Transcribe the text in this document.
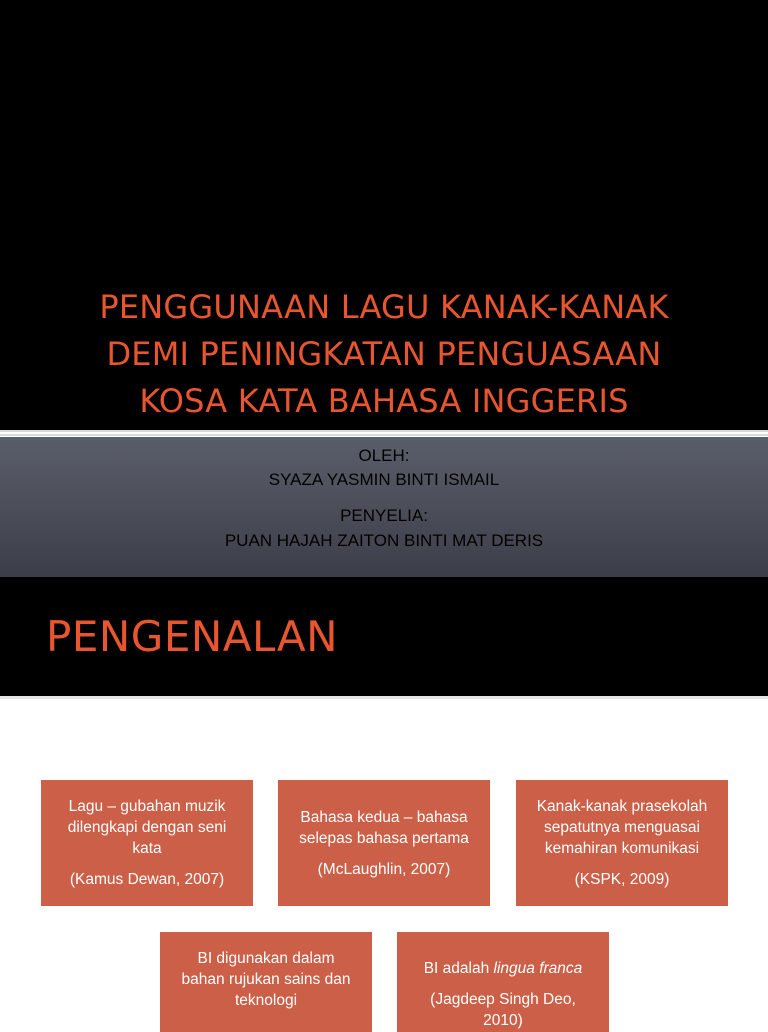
PENGGUNAAN LAGU KANAK-KANAK
DEMI PENINGKATAN PENGUASAAN
KOSA KATA BAHASA INGGERIS
OLEH:
SYAZA YASMIN BINTI ISMAIL
PENYELIA:
PUAN HAJAH ZAITON BINTI MAT DERIS
PENGENALAN
Lagu – gubahan muzik
dilengkapi dengan seni
kata
(Kamus Dewan, 2007)
Bahasa kedua – bahasa
selepas bahasa pertama
(McLaughlin, 2007)
Kanak-kanak prasekolah
sepatutnya menguasai
kemahiran komunikasi
(KSPK, 2009)
BI digunakan dalam
bahan rujukan sains dan
teknologi
BI adalah lingua franca
(Jagdeep Singh Deo,
2010)
